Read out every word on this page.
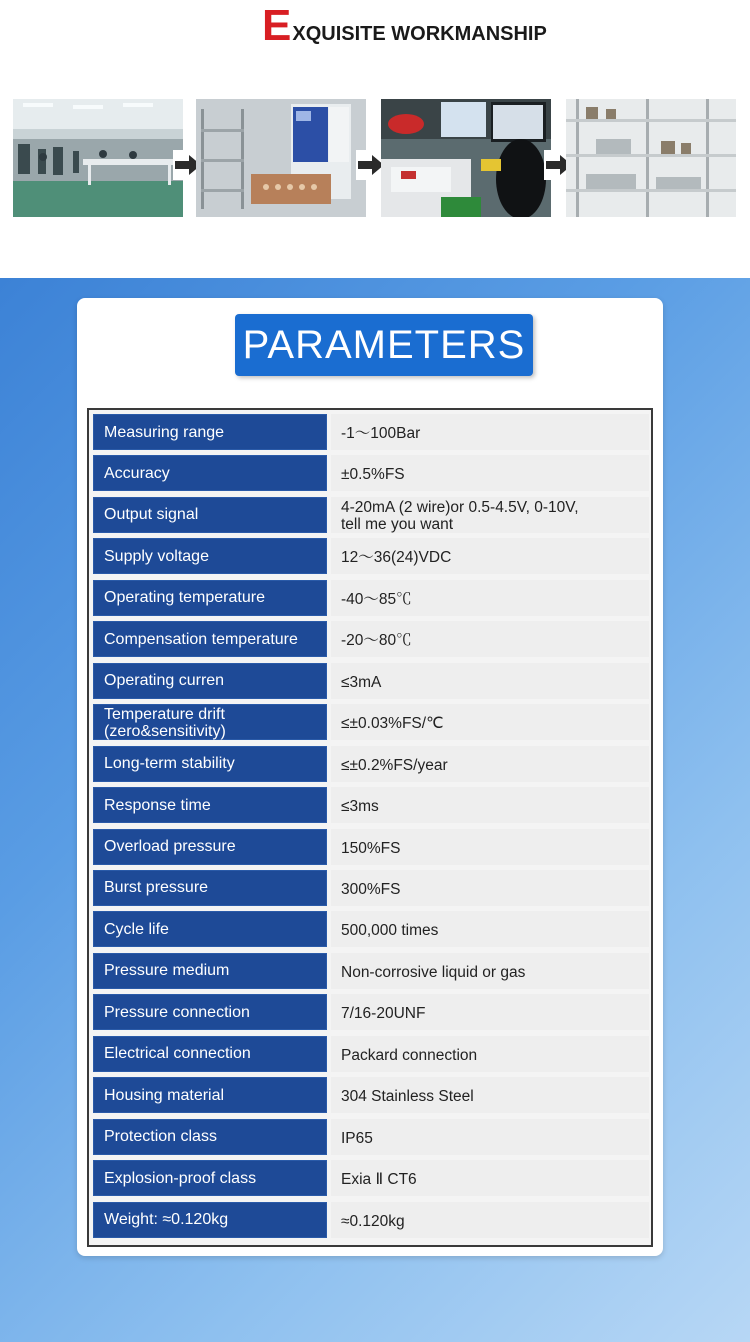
E XQUISITE WORKMANSHIP
PARAMETERS
Measuring range	-1〜100Bar
Accuracy	±0.5%FS
Output signal	4-20mA (2 wire)or 0.5-4.5V, 0-10V,
tell me you want
Supply voltage	12〜36(24)VDC
Operating temperature	-40〜85℃
Compensation temperature	-20〜80℃
Operating curren	≤3mA
Temperature drift
(zero&sensitivity)	≤±0.03%FS/℃
Long-term stability	≤±0.2%FS/year
Response time	≤3ms
Overload pressure	150%FS
Burst pressure	300%FS
Cycle life	500,000 times
Pressure medium	Non-corrosive liquid or gas
Pressure connection	7/16-20UNF
Electrical connection	Packard connection
Housing material	304 Stainless Steel
Protection class	IP65
Explosion-proof class	Exia Ⅱ CT6
Weight: ≈0.120kg	≈0.120kg
